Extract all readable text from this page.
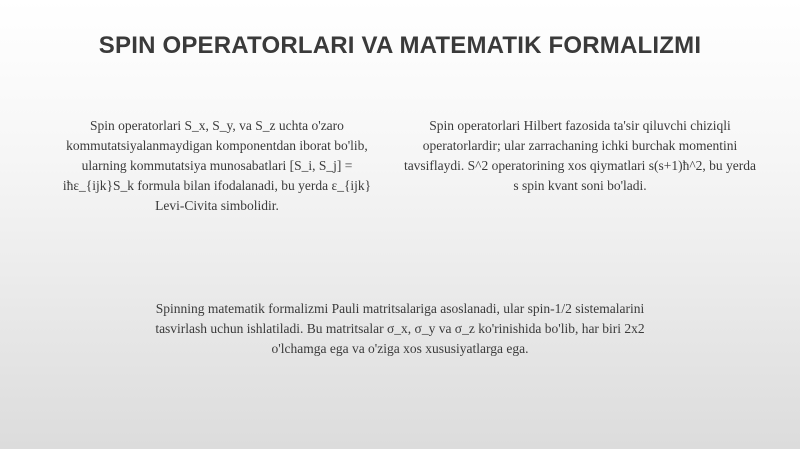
SPIN OPERATORLARI VA MATEMATIK FORMALIZMI

Spin operatorlari S_x, S_y, va S_z uchta o'zaro kommutatsiyalanmaydigan komponentdan iborat bo'lib, ularning kommutatsiya munosabatlari [S_i, S_j] = iħε_{ijk}S_k formula bilan ifodalanadi, bu yerda ε_{ijk} Levi-Civita simbolidir.

Spin operatorlari Hilbert fazosida ta'sir qiluvchi chiziqli operatorlardir; ular zarrachaning ichki burchak momentini tavsiflaydi. S^2 operatorining xos qiymatlari s(s+1)ħ^2, bu yerda s spin kvant soni bo'ladi.

Spinning matematik formalizmi Pauli matritsalariga asoslanadi, ular spin-1/2 sistemalarini tasvirlash uchun ishlatiladi. Bu matritsalar σ_x, σ_y va σ_z ko'rinishida bo'lib, har biri 2x2 o'lchamga ega va o'ziga xos xususiyatlarga ega.
